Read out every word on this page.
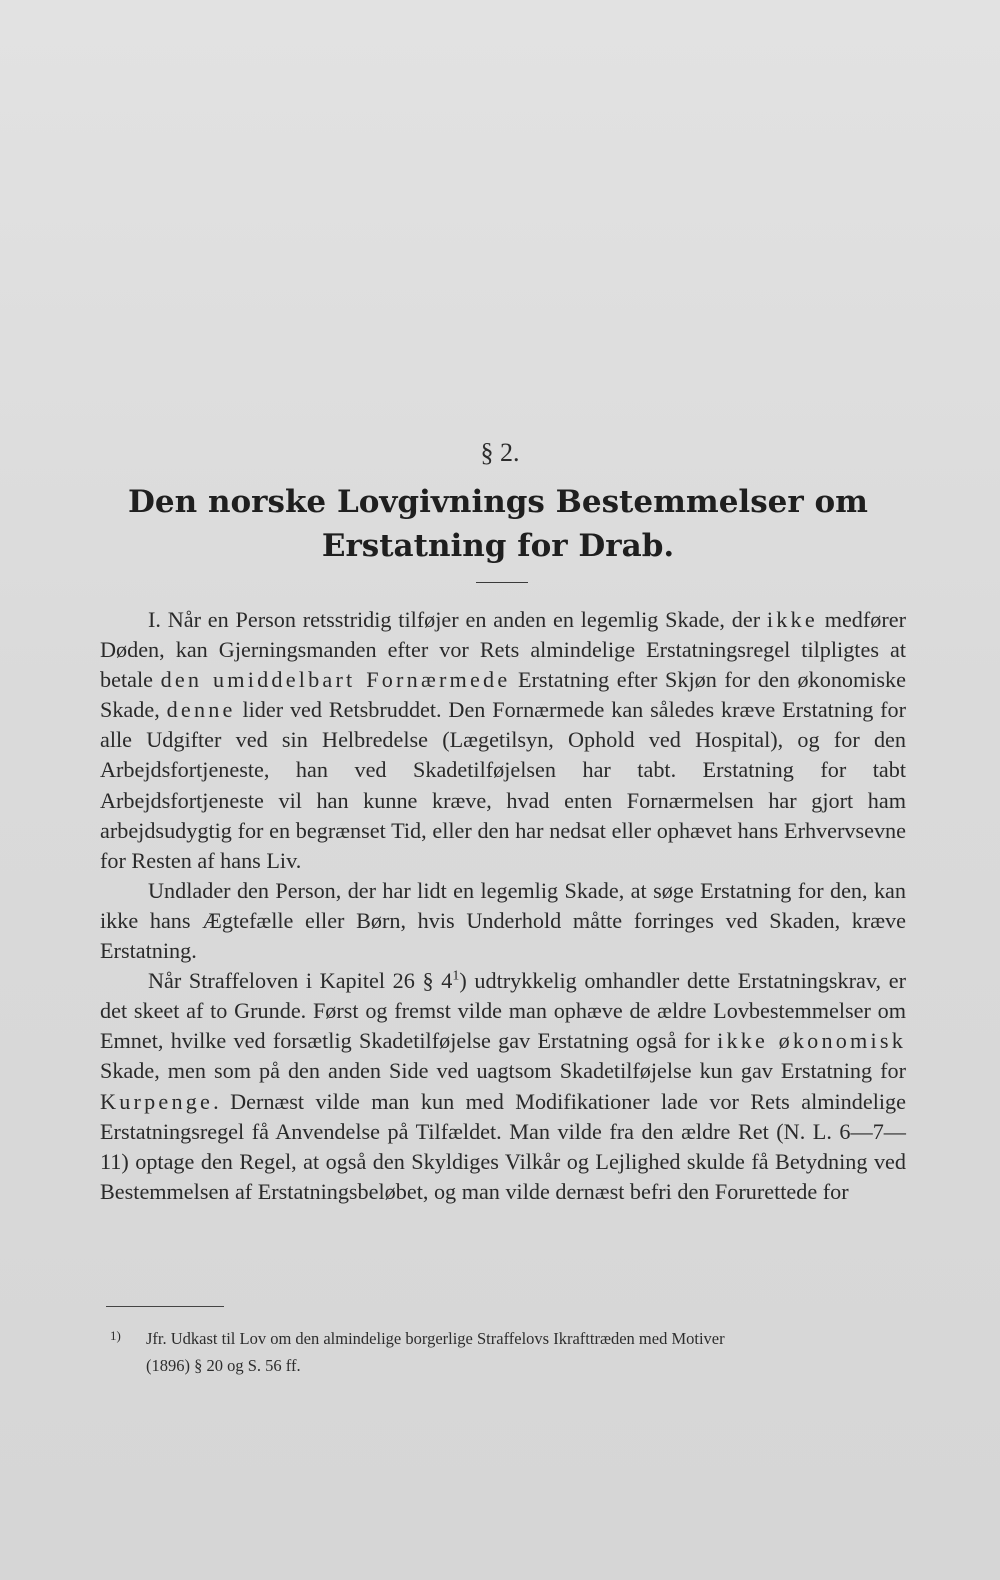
§ 2.
Den norske Lovgivnings Bestemmelser om Erstatning for Drab.

I. Når en Person retsstridig tilføjer en anden en legemlig Skade, der ikke medfører Døden, kan Gjerningsmanden efter vor Rets almindelige Erstatningsregel tilpligtes at betale den umiddelbart Fornærmede Erstatning efter Skjøn for den økonomiske Skade, denne lider ved Retsbruddet. Den Fornærmede kan således kræve Erstatning for alle Udgifter ved sin Helbredelse (Lægetilsyn, Ophold ved Hospital), og for den Arbejdsfortjeneste, han ved Skadetilføjelsen har tabt. Erstatning for tabt Arbejdsfortjeneste vil han kunne kræve, hvad enten Fornærmelsen har gjort ham arbejdsudygtig for en begrænset Tid, eller den har nedsat eller ophævet hans Erhvervsevne for Resten af hans Liv.

Undlader den Person, der har lidt en legemlig Skade, at søge Erstatning for den, kan ikke hans Ægtefælle eller Børn, hvis Underhold måtte forringes ved Skaden, kræve Erstatning.

Når Straffeloven i Kapitel 26 § 4$^1$) udtrykkelig omhandler dette Erstatningskrav, er det skeet af to Grunde. Først og fremst vilde man ophæve de ældre Lovbestemmelser om Emnet, hvilke ved forsætlig Skadetilføjelse gav Erstatning også for ikke økonomisk Skade, men som på den anden Side ved uagtsom Skadetilføjelse kun gav Erstatning for Kurpenge. Dernæst vilde man kun med Modifikationer lade vor Rets almindelige Erstatningsregel få Anvendelse på Tilfældet. Man vilde fra den ældre Ret (N. L. 6—7—11) optage den Regel, at også den Skyldiges Vilkår og Lejlighed skulde få Betydning ved Bestemmelsen af Erstatningsbeløbet, og man vilde dernæst befri den Forurettede for

1) Jfr. Udkast til Lov om den almindelige borgerlige Straffelovs Ikrafttræden med Motiver
(1896) § 20 og S. 56 ff.
